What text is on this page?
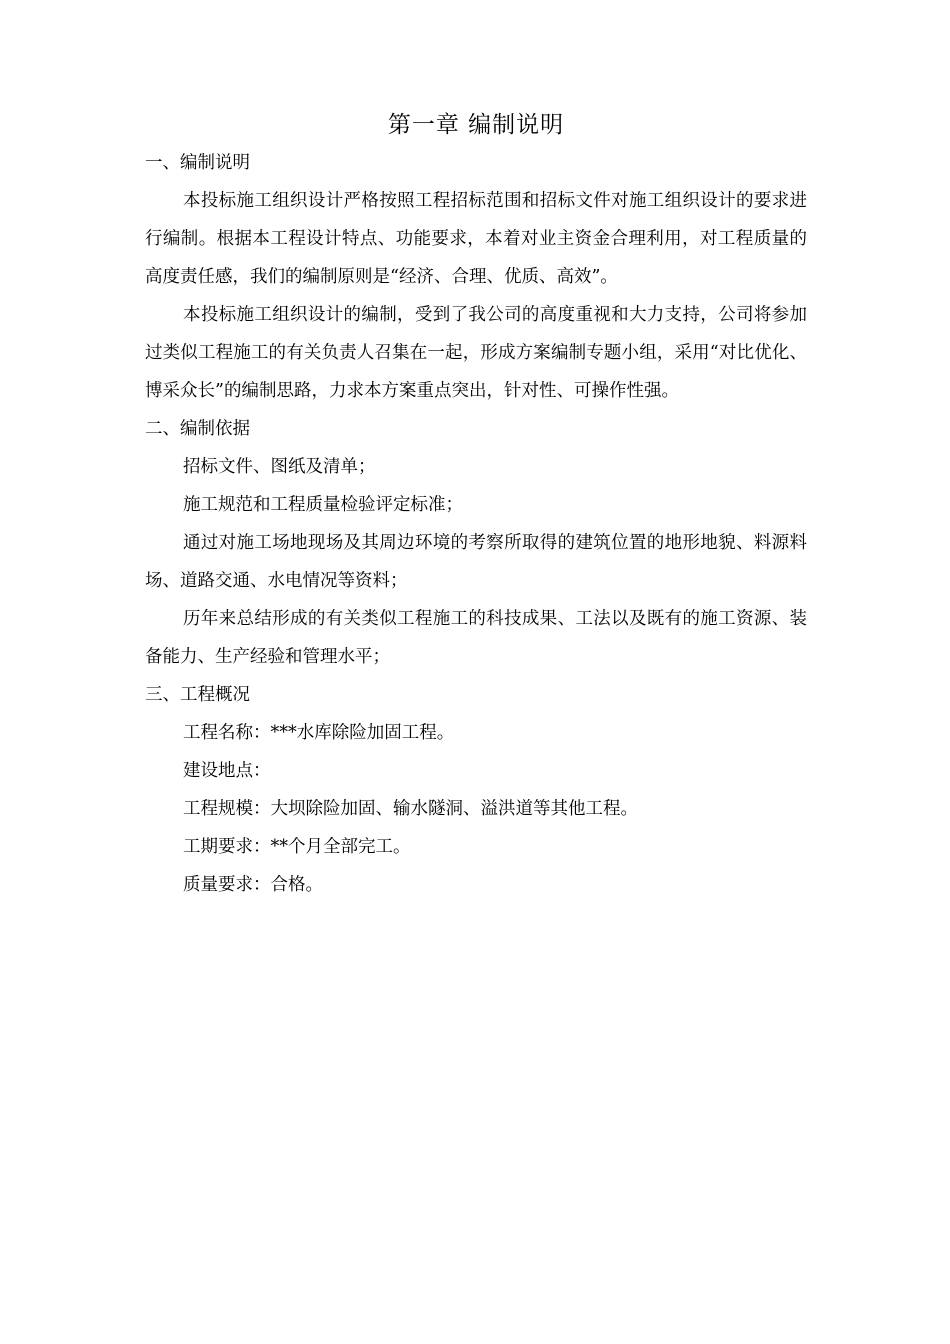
第一章 编制说明

一、编制说明

本投标施工组织设计严格按照工程招标范围和招标文件对施工组织设计的要求进行编制。根据本工程设计特点、功能要求，本着对业主资金合理利用，对工程质量的高度责任感，我们的编制原则是“经济、合理、优质、高效”。

本投标施工组织设计的编制，受到了我公司的高度重视和大力支持，公司将参加过类似工程施工的有关负责人召集在一起，形成方案编制专题小组，采用“对比优化、博采众长”的编制思路，力求本方案重点突出，针对性、可操作性强。

二、编制依据

招标文件、图纸及清单；

施工规范和工程质量检验评定标准；

通过对施工场地现场及其周边环境的考察所取得的建筑位置的地形地貌、料源料场、道路交通、水电情况等资料；

历年来总结形成的有关类似工程施工的科技成果、工法以及既有的施工资源、装备能力、生产经验和管理水平；

三、工程概况

工程名称：***水库除险加固工程。

建设地点：

工程规模：大坝除险加固、输水隧洞、溢洪道等其他工程。

工期要求：**个月全部完工。

质量要求：合格。
